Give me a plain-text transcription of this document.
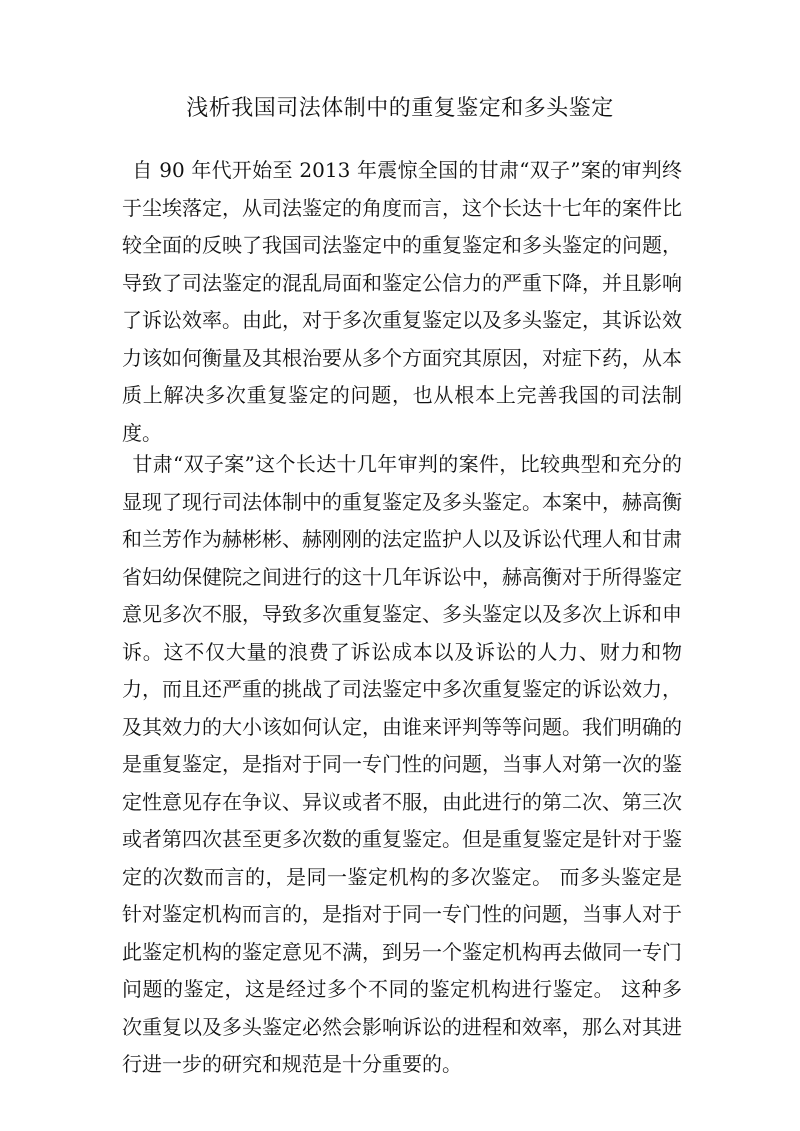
浅析我国司法体制中的重复鉴定和多头鉴定

自 90 年代开始至 2013 年震惊全国的甘肃“双子”案的审判终于尘埃落定，从司法鉴定的角度而言，这个长达十七年的案件比较全面的反映了我国司法鉴定中的重复鉴定和多头鉴定的问题，导致了司法鉴定的混乱局面和鉴定公信力的严重下降，并且影响了诉讼效率。由此，对于多次重复鉴定以及多头鉴定，其诉讼效力该如何衡量及其根治要从多个方面究其原因，对症下药，从本质上解决多次重复鉴定的问题，也从根本上完善我国的司法制度。

甘肃“双子案”这个长达十几年审判的案件，比较典型和充分的显现了现行司法体制中的重复鉴定及多头鉴定。本案中，赫高衡和兰芳作为赫彬彬、赫刚刚的法定监护人以及诉讼代理人和甘肃省妇幼保健院之间进行的这十几年诉讼中，赫高衡对于所得鉴定意见多次不服，导致多次重复鉴定、多头鉴定以及多次上诉和申诉。这不仅大量的浪费了诉讼成本以及诉讼的人力、财力和物力，而且还严重的挑战了司法鉴定中多次重复鉴定的诉讼效力，及其效力的大小该如何认定，由谁来评判等等问题。我们明确的是重复鉴定，是指对于同一专门性的问题，当事人对第一次的鉴定性意见存在争议、异议或者不服，由此进行的第二次、第三次或者第四次甚至更多次数的重复鉴定。但是重复鉴定是针对于鉴定的次数而言的，是同一鉴定机构的多次鉴定。 而多头鉴定是针对鉴定机构而言的，是指对于同一专门性的问题，当事人对于此鉴定机构的鉴定意见不满，到另一个鉴定机构再去做同一专门问题的鉴定，这是经过多个不同的鉴定机构进行鉴定。 这种多次重复以及多头鉴定必然会影响诉讼的进程和效率，那么对其进行进一步的研究和规范是十分重要的。
